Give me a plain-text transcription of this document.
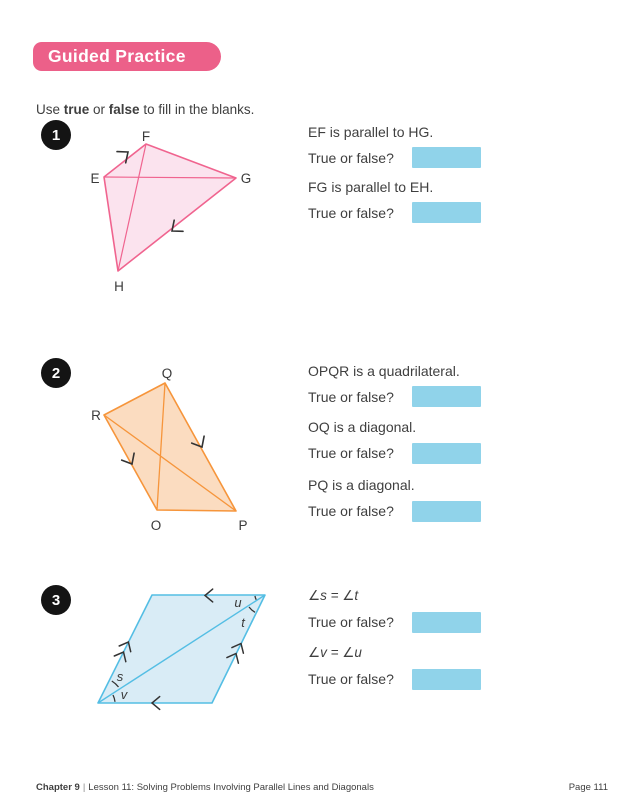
Guided Practice

Use true or false to fill in the blanks.

1	F
E	G
H
EF is parallel to HG.
True or false?
FG is parallel to EH.
True or false?
2	Q
R
O	P
OPQR is a quadrilateral.
True or false?
OQ is a diagonal.
True or false?
PQ is a diagonal.
True or false?
3	u
t
s
v
∠s = ∠t
True or false?
∠v = ∠u
True or false?
Chapter 9 | Lesson 11: Solving Problems Involving Parallel Lines and Diagonals	Page 111
